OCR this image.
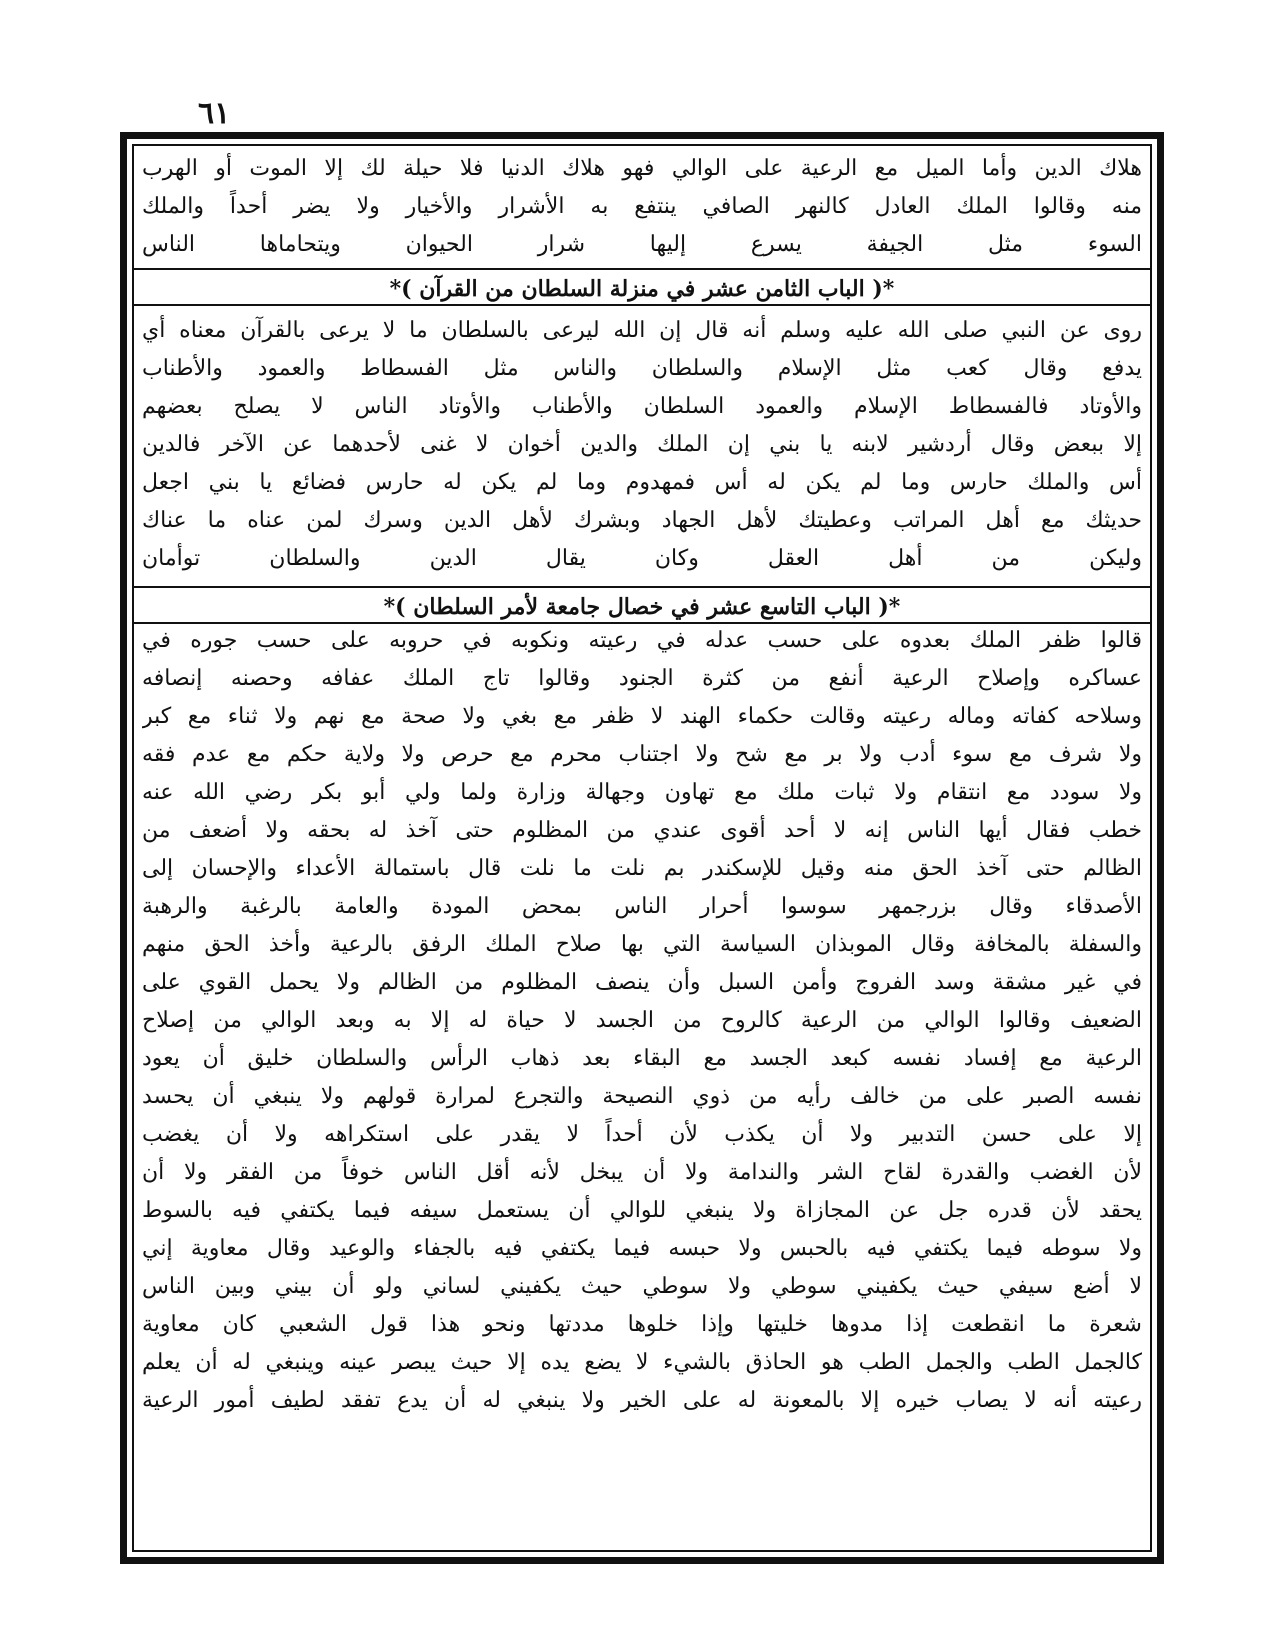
٦١
هلاك الدين وأما الميل مع الرعية على الوالي فهو هلاك الدنيا فلا حيلة لك إلا الموت أو الهرب
منه وقالوا الملك العادل كالنهر الصافي ينتفع به الأشرار والأخيار ولا يضر أحداً والملك
السوء مثل الجيفة يسرع إليها شرار الحيوان ويتحاماها الناس
*( الباب الثامن عشر في منزلة السلطان من القرآن )*
روى عن النبي صلى الله عليه وسلم أنه قال إن الله ليرعى بالسلطان ما لا يرعى بالقرآن معناه أي
يدفع وقال كعب مثل الإسلام والسلطان والناس مثل الفسطاط والعمود والأطناب
والأوتاد فالفسطاط الإسلام والعمود السلطان والأطناب والأوتاد الناس لا يصلح بعضهم
إلا ببعض وقال أردشير لابنه يا بني إن الملك والدين أخوان لا غنى لأحدهما عن الآخر فالدين
أس والملك حارس وما لم يكن له أس فمهدوم وما لم يكن له حارس فضائع يا بني اجعل
حديثك مع أهل المراتب وعطيتك لأهل الجهاد وبشرك لأهل الدين وسرك لمن عناه ما عناك
وليكن من أهل العقل وكان يقال الدين والسلطان توأمان
*( الباب التاسع عشر في خصال جامعة لأمر السلطان )*
قالوا ظفر الملك بعدوه على حسب عدله في رعيته ونكوبه في حروبه على حسب جوره في
عساكره وإصلاح الرعية أنفع من كثرة الجنود وقالوا تاج الملك عفافه وحصنه إنصافه
وسلاحه كفاته وماله رعيته وقالت حكماء الهند لا ظفر مع بغي ولا صحة مع نهم ولا ثناء مع كبر
ولا شرف مع سوء أدب ولا بر مع شح ولا اجتناب محرم مع حرص ولا ولاية حكم مع عدم فقه
ولا سودد مع انتقام ولا ثبات ملك مع تهاون وجهالة وزارة ولما ولي أبو بكر رضي الله عنه
خطب فقال أيها الناس إنه لا أحد أقوى عندي من المظلوم حتى آخذ له بحقه ولا أضعف من
الظالم حتى آخذ الحق منه وقيل للإسكندر بم نلت ما نلت قال باستمالة الأعداء والإحسان إلى
الأصدقاء وقال بزرجمهر سوسوا أحرار الناس بمحض المودة والعامة بالرغبة والرهبة
والسفلة بالمخافة وقال الموبذان السياسة التي بها صلاح الملك الرفق بالرعية وأخذ الحق منهم
في غير مشقة وسد الفروج وأمن السبل وأن ينصف المظلوم من الظالم ولا يحمل القوي على
الضعيف وقالوا الوالي من الرعية كالروح من الجسد لا حياة له إلا به وبعد الوالي من إصلاح
الرعية مع إفساد نفسه كبعد الجسد مع البقاء بعد ذهاب الرأس والسلطان خليق أن يعود
نفسه الصبر على من خالف رأيه من ذوي النصيحة والتجرع لمرارة قولهم ولا ينبغي أن يحسد
إلا على حسن التدبير ولا أن يكذب لأن أحداً لا يقدر على استكراهه ولا أن يغضب
لأن الغضب والقدرة لقاح الشر والندامة ولا أن يبخل لأنه أقل الناس خوفاً من الفقر ولا أن
يحقد لأن قدره جل عن المجازاة ولا ينبغي للوالي أن يستعمل سيفه فيما يكتفي فيه بالسوط
ولا سوطه فيما يكتفي فيه بالحبس ولا حبسه فيما يكتفي فيه بالجفاء والوعيد وقال معاوية إني
لا أضع سيفي حيث يكفيني سوطي ولا سوطي حيث يكفيني لساني ولو أن بيني وبين الناس
شعرة ما انقطعت إذا مدوها خليتها وإذا خلوها مددتها ونحو هذا قول الشعبي كان معاوية
كالجمل الطب والجمل الطب هو الحاذق بالشيء لا يضع يده إلا حيث يبصر عينه وينبغي له أن يعلم
رعيته أنه لا يصاب خيره إلا بالمعونة له على الخير ولا ينبغي له أن يدع تفقد لطيف أمور الرعية
